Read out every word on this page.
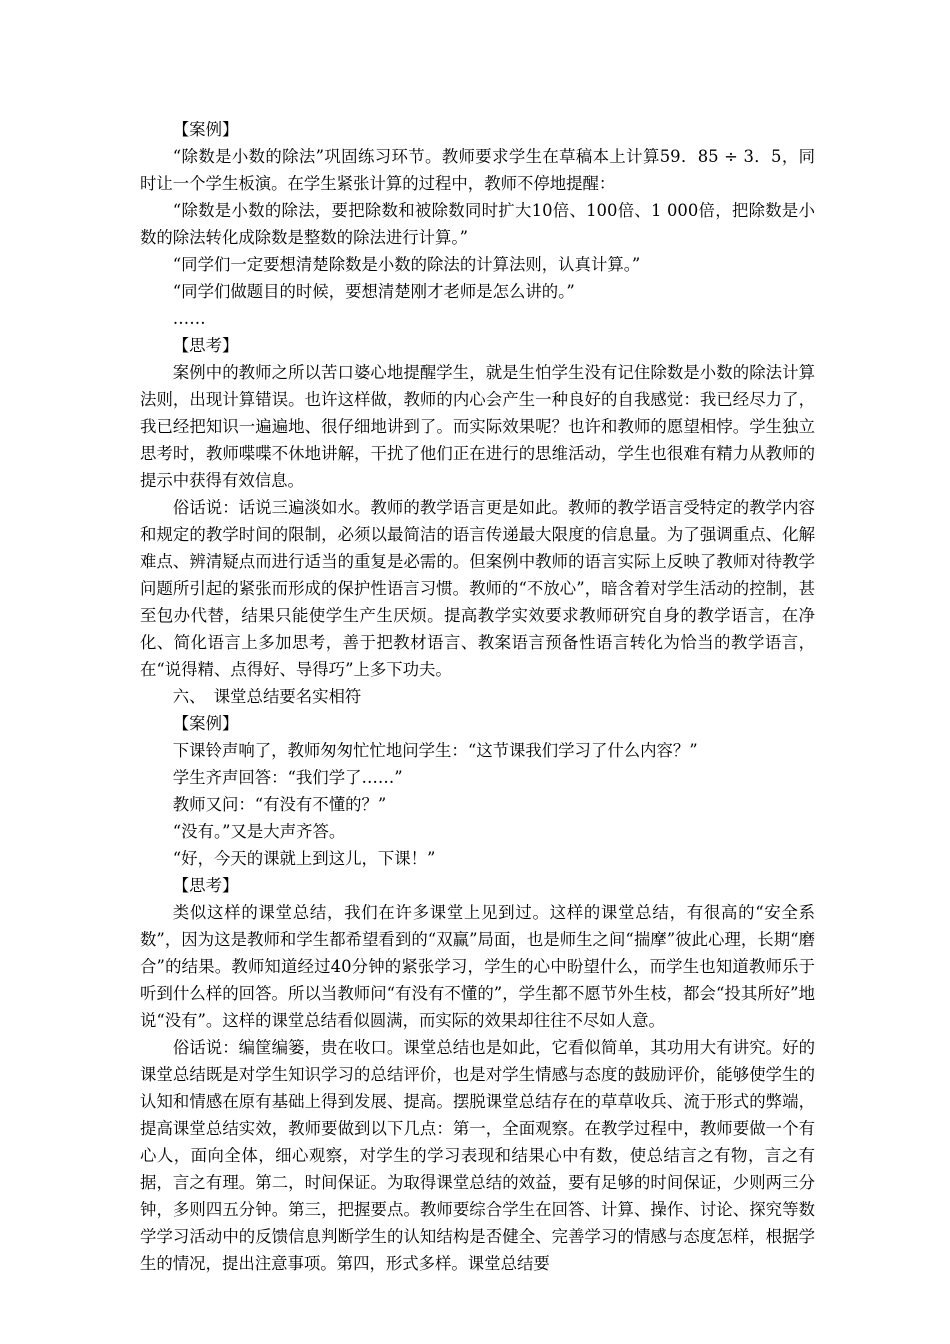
【案例】

“除数是小数的除法”巩固练习环节。教师要求学生在草稿本上计算59．85 ÷ 3．5，同时让一个学生板演。在学生紧张计算的过程中，教师不停地提醒：

“除数是小数的除法，要把除数和被除数同时扩大10倍、100倍、1 000倍，把除数是小数的除法转化成除数是整数的除法进行计算。”

“同学们一定要想清楚除数是小数的除法的计算法则，认真计算。”

“同学们做题目的时候，要想清楚刚才老师是怎么讲的。”

……

【思考】

案例中的教师之所以苦口婆心地提醒学生，就是生怕学生没有记住除数是小数的除法计算法则，出现计算错误。也许这样做，教师的内心会产生一种良好的自我感觉：我已经尽力了，我已经把知识一遍遍地、很仔细地讲到了。而实际效果呢？也许和教师的愿望相悖。学生独立思考时，教师喋喋不休地讲解，干扰了他们正在进行的思维活动，学生也很难有精力从教师的提示中获得有效信息。

俗话说：话说三遍淡如水。教师的教学语言更是如此。教师的教学语言受特定的教学内容和规定的教学时间的限制，必须以最简洁的语言传递最大限度的信息量。为了强调重点、化解难点、辨清疑点而进行适当的重复是必需的。但案例中教师的语言实际上反映了教师对待教学问题所引起的紧张而形成的保护性语言习惯。教师的“不放心”，暗含着对学生活动的控制，甚至包办代替，结果只能使学生产生厌烦。提高教学实效要求教师研究自身的教学语言，在净化、简化语言上多加思考，善于把教材语言、教案语言预备性语言转化为恰当的教学语言，在“说得精、点得好、导得巧”上多下功夫。

六、　课堂总结要名实相符

【案例】

下课铃声响了，教师匆匆忙忙地问学生：“这节课我们学习了什么内容？”

学生齐声回答：“我们学了……”

教师又问：“有没有不懂的？”

“没有。”又是大声齐答。

“好，今天的课就上到这儿，下课！”

【思考】

类似这样的课堂总结，我们在许多课堂上见到过。这样的课堂总结，有很高的“安全系数”，因为这是教师和学生都希望看到的“双赢”局面，也是师生之间“揣摩”彼此心理，长期“磨合”的结果。教师知道经过40分钟的紧张学习，学生的心中盼望什么，而学生也知道教师乐于听到什么样的回答。所以当教师问“有没有不懂的”，学生都不愿节外生枝，都会“投其所好”地说“没有”。这样的课堂总结看似圆满，而实际的效果却往往不尽如人意。

俗话说：编筐编篓，贵在收口。课堂总结也是如此，它看似简单，其功用大有讲究。好的课堂总结既是对学生知识学习的总结评价，也是对学生情感与态度的鼓励评价，能够使学生的认知和情感在原有基础上得到发展、提高。摆脱课堂总结存在的草草收兵、流于形式的弊端，提高课堂总结实效，教师要做到以下几点：第一，全面观察。在教学过程中，教师要做一个有心人，面向全体，细心观察，对学生的学习表现和结果心中有数，使总结言之有物，言之有据，言之有理。第二，时间保证。为取得课堂总结的效益，要有足够的时间保证，少则两三分钟，多则四五分钟。第三，把握要点。教师要综合学生在回答、计算、操作、讨论、探究等数学学习活动中的反馈信息判断学生的认知结构是否健全、完善学习的情感与态度怎样，根据学生的情况，提出注意事项。第四，形式多样。课堂总结要
